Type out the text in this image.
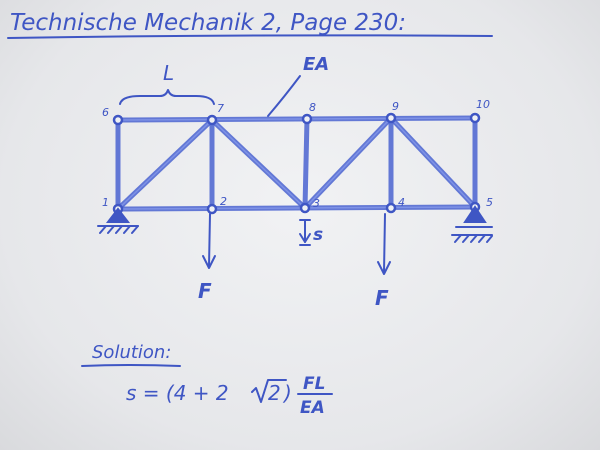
Technische Mechanik 2, Page 230:
1	2	3	4	5
6	7	8	9	10
L	EA
F	F
s
Solution:
s = (4 + 2 2 ) FL
EA
